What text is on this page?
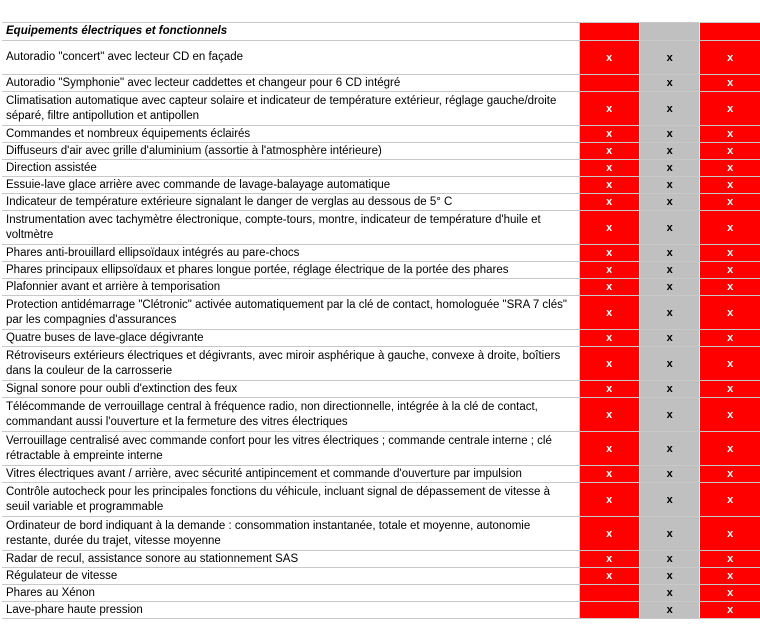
Equipements électriques et fonctionnels			
Autoradio "concert" avec lecteur CD en façade	x	x	x
Autoradio "Symphonie" avec lecteur caddettes et changeur pour 6 CD intégré		x	x
Climatisation automatique avec capteur solaire et indicateur de température extérieur, réglage gauche/droite séparé, filtre antipollution et antipollen	x	x	x
Commandes et nombreux équipements éclairés	x	x	x
Diffuseurs d'air avec grille d'aluminium (assortie à l'atmosphère intérieure)	x	x	x
Direction assistée	x	x	x
Essuie-lave glace arrière avec commande de lavage-balayage automatique	x	x	x
Indicateur de température extérieure signalant le danger de verglas au dessous de 5° C	x	x	x
Instrumentation avec tachymètre électronique, compte-tours, montre, indicateur de température d'huile et voltmètre	x	x	x
Phares anti-brouillard ellipsoïdaux intégrés au pare-chocs	x	x	x
Phares principaux ellipsoïdaux et phares longue portée, réglage électrique de la portée des phares	x	x	x
Plafonnier avant et arrière à temporisation	x	x	x
Protection antidémarrage "Clétronic" activée automatiquement par la clé de contact, homologuée "SRA 7 clés" par les compagnies d'assurances	x	x	x
Quatre buses de lave-glace dégivrante	x	x	x
Rétroviseurs extérieurs électriques et dégivrants, avec miroir asphérique à gauche, convexe à droite, boîtiers dans la couleur de la carrosserie	x	x	x
Signal sonore pour oubli d'extinction des feux	x	x	x
Télécommande de verrouillage central à fréquence radio, non directionnelle, intégrée à la clé de contact, commandant aussi l'ouverture et la fermeture des vitres électriques	x	x	x
Verrouillage centralisé avec commande confort pour les vitres électriques ; commande centrale interne ; clé rétractable à empreinte interne	x	x	x
Vitres électriques avant / arrière, avec sécurité antipincement et commande d'ouverture par impulsion	x	x	x
Contrôle autocheck pour les principales fonctions du véhicule, incluant signal de dépassement de vitesse à seuil variable et programmable	x	x	x
Ordinateur de bord indiquant à la demande : consommation instantanée, totale et moyenne, autonomie restante, durée du trajet, vitesse moyenne	x	x	x
Radar de recul, assistance sonore au stationnement SAS	x	x	x
Régulateur de vitesse	x	x	x
Phares au Xénon		x	x
Lave-phare haute pression		x	x
